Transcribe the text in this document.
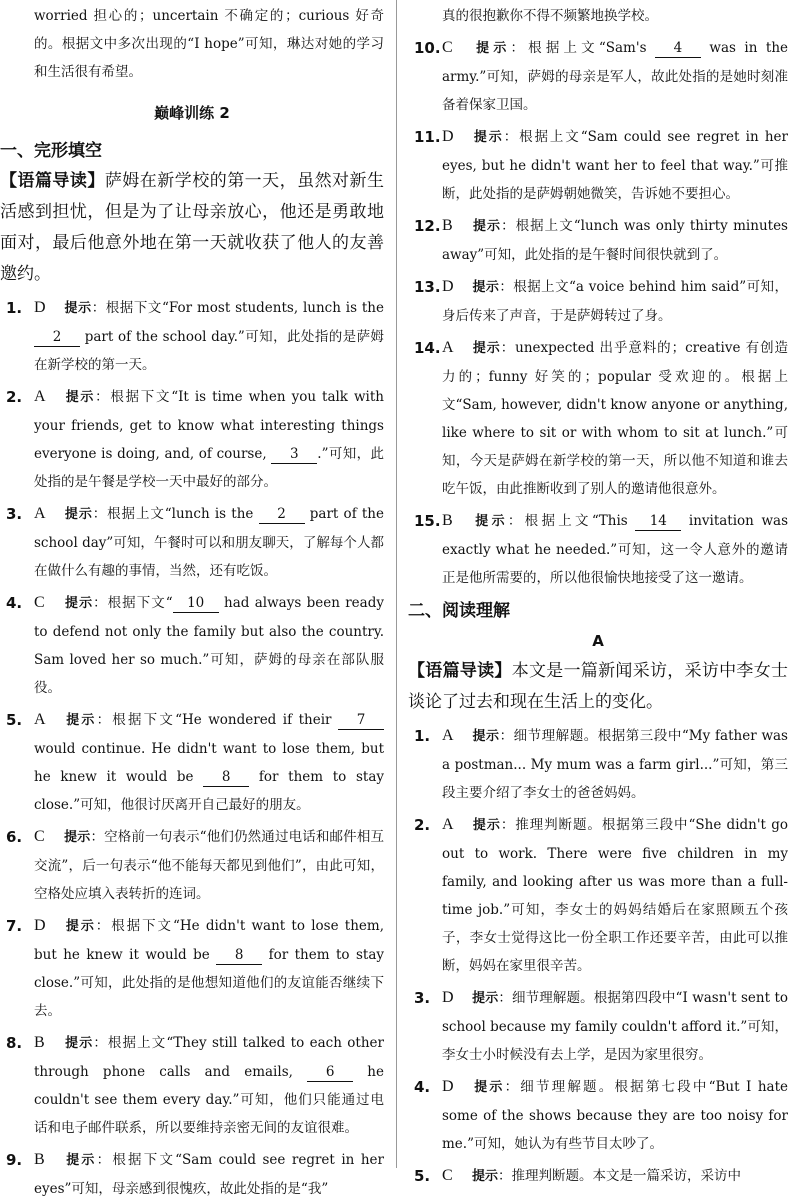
worried 担心的；uncertain 不确定的；curious 好奇的。根据文中多次出现的“I hope”可知，琳达对她的学习和生活很有希望。

巅峰训练 2

一、完形填空

【语篇导读】萨姆在新学校的第一天，虽然对新生活感到担忧，但是为了让母亲放心，他还是勇敢地面对，最后他意外地在第一天就收获了他人的友善邀约。

1. D 提示：根据下文“For most students, lunch is the 2 part of the school day.”可知，此处指的是萨姆在新学校的第一天。
2. A 提示：根据下文“It is time when you talk with your friends, get to know what interesting things everyone is doing, and, of course, 3 .”可知，此处指的是午餐是学校一天中最好的部分。
3. A 提示：根据上文“lunch is the 2 part of the school day”可知，午餐时可以和朋友聊天，了解每个人都在做什么有趣的事情，当然，还有吃饭。
4. C 提示：根据下文“ 10 had always been ready to defend not only the family but also the country. Sam loved her so much.”可知，萨姆的母亲在部队服役。
5. A 提示：根据下文“He wondered if their 7 would continue. He didn't want to lose them, but he knew it would be 8 for them to stay close.”可知，他很讨厌离开自己最好的朋友。
6. C 提示：空格前一句表示“他们仍然通过电话和邮件相互交流”，后一句表示“他不能每天都见到他们”，由此可知，空格处应填入表转折的连词。
7. D 提示：根据下文“He didn't want to lose them, but he knew it would be 8 for them to stay close.”可知，此处指的是他想知道他们的友谊能否继续下去。
8. B 提示：根据上文“They still talked to each other through phone calls and emails, 6 he couldn't see them every day.”可知，他们只能通过电话和电子邮件联系，所以要维持亲密无间的友谊很难。
9. B 提示：根据下文“Sam could see regret in her eyes”可知，母亲感到很愧疚，故此处指的是“我”

真的很抱歉你不得不频繁地换学校。

10. C 提示：根据上文“Sam's 4 was in the army.”可知，萨姆的母亲是军人，故此处指的是她时刻准备着保家卫国。
11. D 提示：根据上文“Sam could see regret in her eyes, but he didn't want her to feel that way.”可推断，此处指的是萨姆朝她微笑，告诉她不要担心。
12. B 提示：根据上文“lunch was only thirty minutes away”可知，此处指的是午餐时间很快就到了。
13. D 提示：根据上文“a voice behind him said”可知，身后传来了声音，于是萨姆转过了身。
14. A 提示：unexpected 出乎意料的；creative 有创造力的；funny 好笑的；popular 受欢迎的。根据上文“Sam, however, didn't know anyone or anything, like where to sit or with whom to sit at lunch.”可知，今天是萨姆在新学校的第一天，所以他不知道和谁去吃午饭，由此推断收到了别人的邀请他很意外。
15. B 提示：根据上文“This 14 invitation was exactly what he needed.”可知，这一令人意外的邀请正是他所需要的，所以他很愉快地接受了这一邀请。

二、阅读理解

A

【语篇导读】本文是一篇新闻采访，采访中李女士谈论了过去和现在生活上的变化。

1. A 提示：细节理解题。根据第三段中“My father was a postman... My mum was a farm girl...”可知，第三段主要介绍了李女士的爸爸妈妈。
2. A 提示：推理判断题。根据第三段中“She didn't go out to work. There were five children in my family, and looking after us was more than a full-time job.”可知，李女士的妈妈结婚后在家照顾五个孩子，李女士觉得这比一份全职工作还要辛苦，由此可以推断，妈妈在家里很辛苦。
3. D 提示：细节理解题。根据第四段中“I wasn't sent to school because my family couldn't afford it.”可知，李女士小时候没有去上学，是因为家里很穷。
4. D 提示：细节理解题。根据第七段中“But I hate some of the shows because they are too noisy for me.”可知，她认为有些节目太吵了。
5. C 提示：推理判断题。本文是一篇采访，采访中
